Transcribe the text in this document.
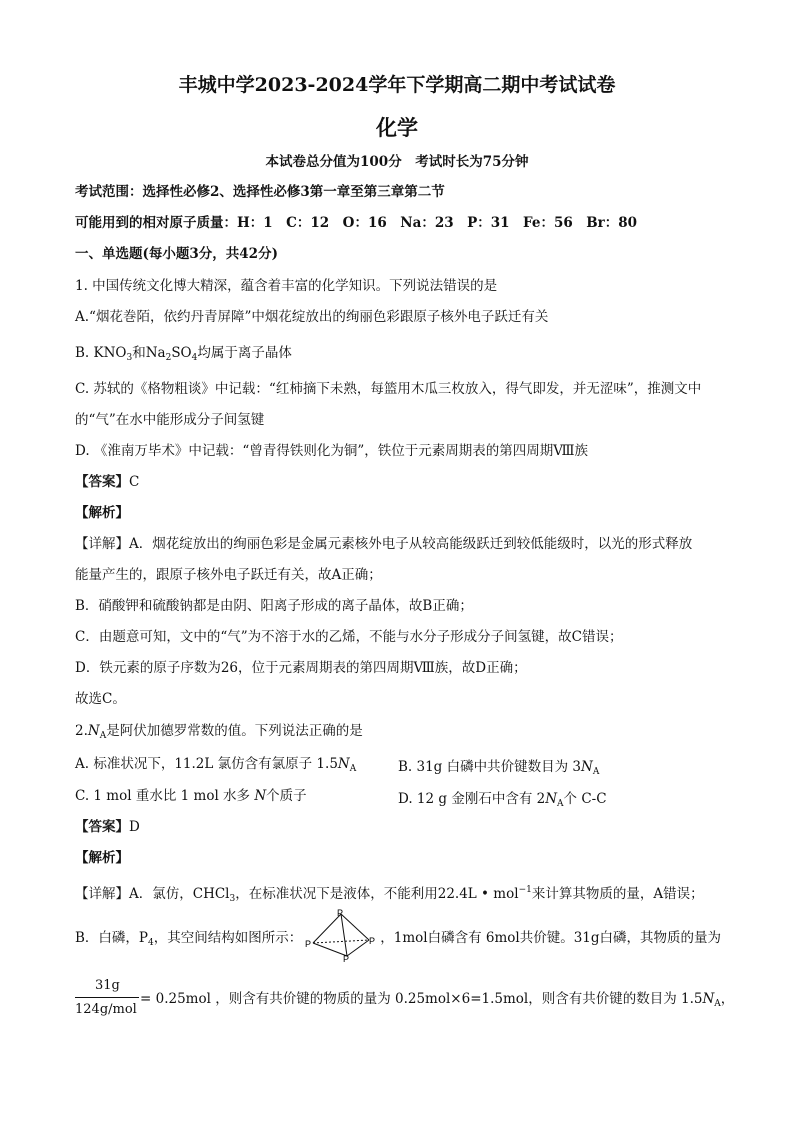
丰城中学2023-2024学年下学期高二期中考试试卷
化学
本试卷总分值为100分　考试时长为75分钟
考试范围：选择性必修2、选择性必修3第一章至第三章第二节
可能用到的相对原子质量：H：1　C：12　O：16　Na：23　P：31　Fe：56　Br：80
一、单选题(每小题3分，共42分)
1. 中国传统文化博大精深，蕴含着丰富的化学知识。下列说法错误的是
A.“烟花巻陌，依约丹青屏障”中烟花绽放出的绚丽色彩跟原子核外电子跃迁有关
B. $KNO_3$和$Na_2SO_4$均属于离子晶体
C. 苏轼的《格物粗谈》中记载：“红柿摘下未熟，每篮用木瓜三枚放入，得气即发，并无涩味”，推测文中
的“气”在水中能形成分子间氢键
D. 《淮南万毕术》中记载：“曾青得铁则化为铜”，铁位于元素周期表的第四周期Ⅷ族
【答案】C
【解析】
【详解】A．烟花绽放出的绚丽色彩是金属元素核外电子从较高能级跃迁到较低能级时，以光的形式释放
能量产生的，跟原子核外电子跃迁有关，故A正确；
B．硝酸钾和硫酸钠都是由阴、阳离子形成的离子晶体，故B正确；
C．由题意可知，文中的“气”为不溶于水的乙烯，不能与水分子形成分子间氢键，故C错误；
D．铁元素的原子序数为26，位于元素周期表的第四周期Ⅷ族，故D正确；
故选C。
$2.N_A$是阿伏加德罗常数的值。下列说法正确的是
A. 标准状况下，11.2L 氯仿含有氯原子 $1.5N_A$	B. 31g 白磷中共价键数目为 $3N_A$
C. 1 mol 重水比 1 mol 水多 N个质子	D. 12 g 金刚石中含有 $2N_A$个 C-C
【答案】D
【解析】
【详解】A．氯仿，CHCl$_3$，在标准状况下是液体，不能利用22.4L • mol$^{-1}$来计算其物质的量，A错误；
B．白磷，$P_4$，其空间结构如图所示：	，1mol白磷含有 6mol共价键。31g白磷，其物质的量为
P
P	P
P
31g
124g/mol
= 0.25mol ，则含有共价键的物质的量为 0.25mol×6=1.5mol，则含有共价键的数目为 $1.5N_A$，
